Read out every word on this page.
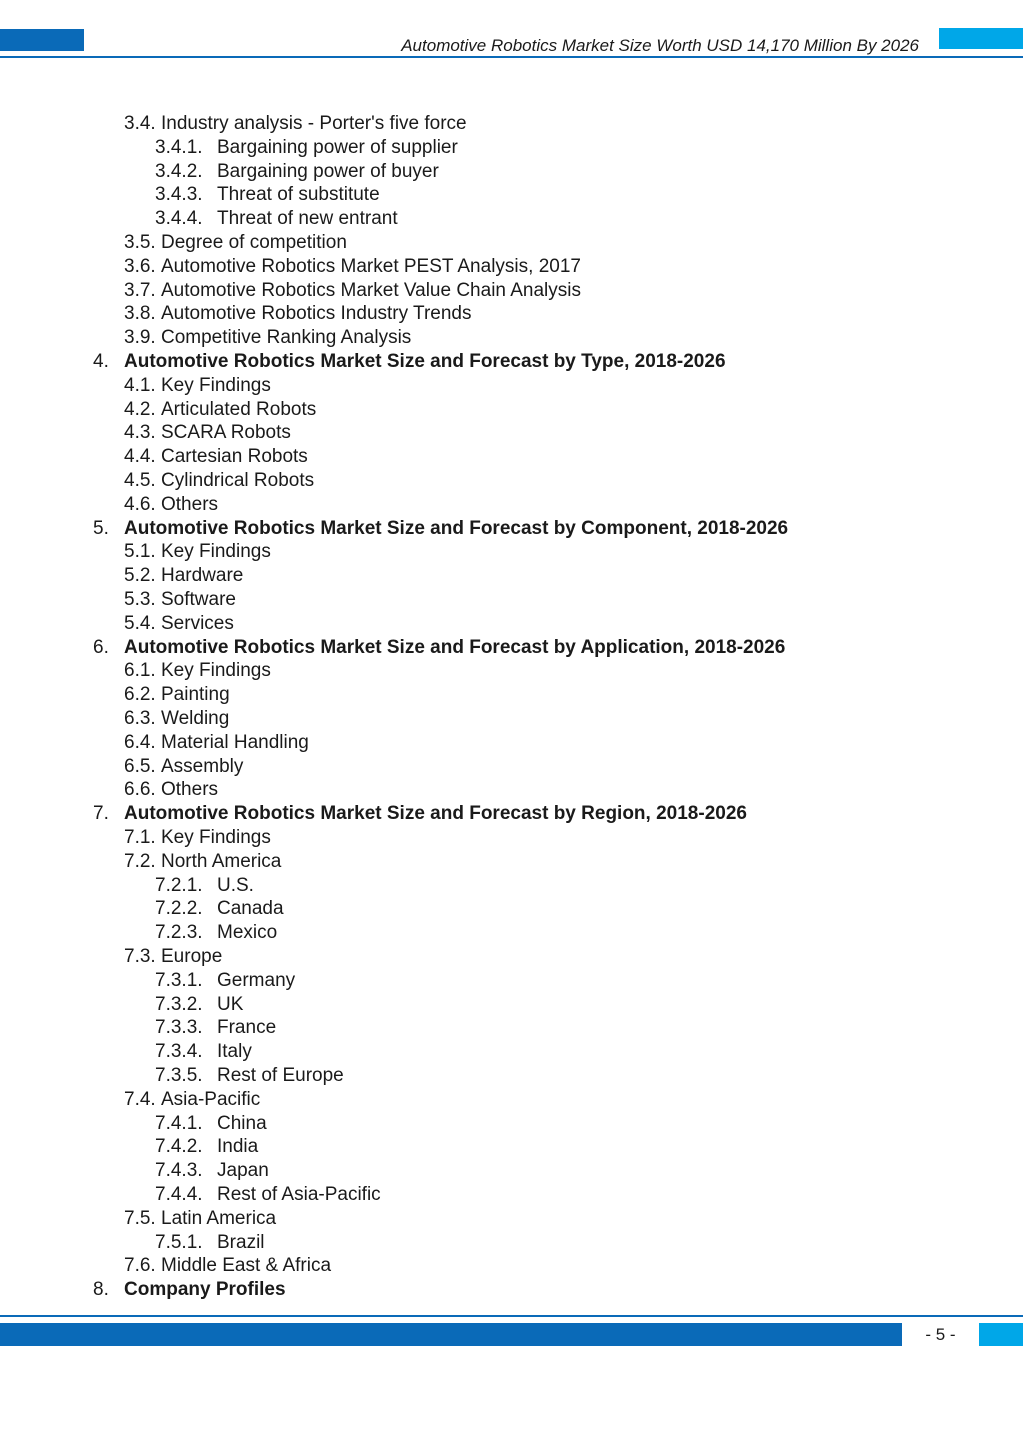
Automotive Robotics Market Size Worth USD 14,170 Million By 2026
3.4. Industry analysis - Porter's five force
3.4.1. Bargaining power of supplier
3.4.2. Bargaining power of buyer
3.4.3. Threat of substitute
3.4.4. Threat of new entrant
3.5. Degree of competition
3.6. Automotive Robotics Market PEST Analysis, 2017
3.7. Automotive Robotics Market Value Chain Analysis
3.8. Automotive Robotics Industry Trends
3.9. Competitive Ranking Analysis
4. Automotive Robotics Market Size and Forecast by Type, 2018-2026
4.1. Key Findings
4.2. Articulated Robots
4.3. SCARA Robots
4.4. Cartesian Robots
4.5. Cylindrical Robots
4.6. Others
5. Automotive Robotics Market Size and Forecast by Component, 2018-2026
5.1. Key Findings
5.2. Hardware
5.3. Software
5.4. Services
6. Automotive Robotics Market Size and Forecast by Application, 2018-2026
6.1. Key Findings
6.2. Painting
6.3. Welding
6.4. Material Handling
6.5. Assembly
6.6. Others
7. Automotive Robotics Market Size and Forecast by Region, 2018-2026
7.1. Key Findings
7.2. North America
7.2.1. U.S.
7.2.2. Canada
7.2.3. Mexico
7.3. Europe
7.3.1. Germany
7.3.2. UK
7.3.3. France
7.3.4. Italy
7.3.5. Rest of Europe
7.4. Asia-Pacific
7.4.1. China
7.4.2. India
7.4.3. Japan
7.4.4. Rest of Asia-Pacific
7.5. Latin America
7.5.1. Brazil
7.6. Middle East & Africa
8. Company Profiles
- 5 -
